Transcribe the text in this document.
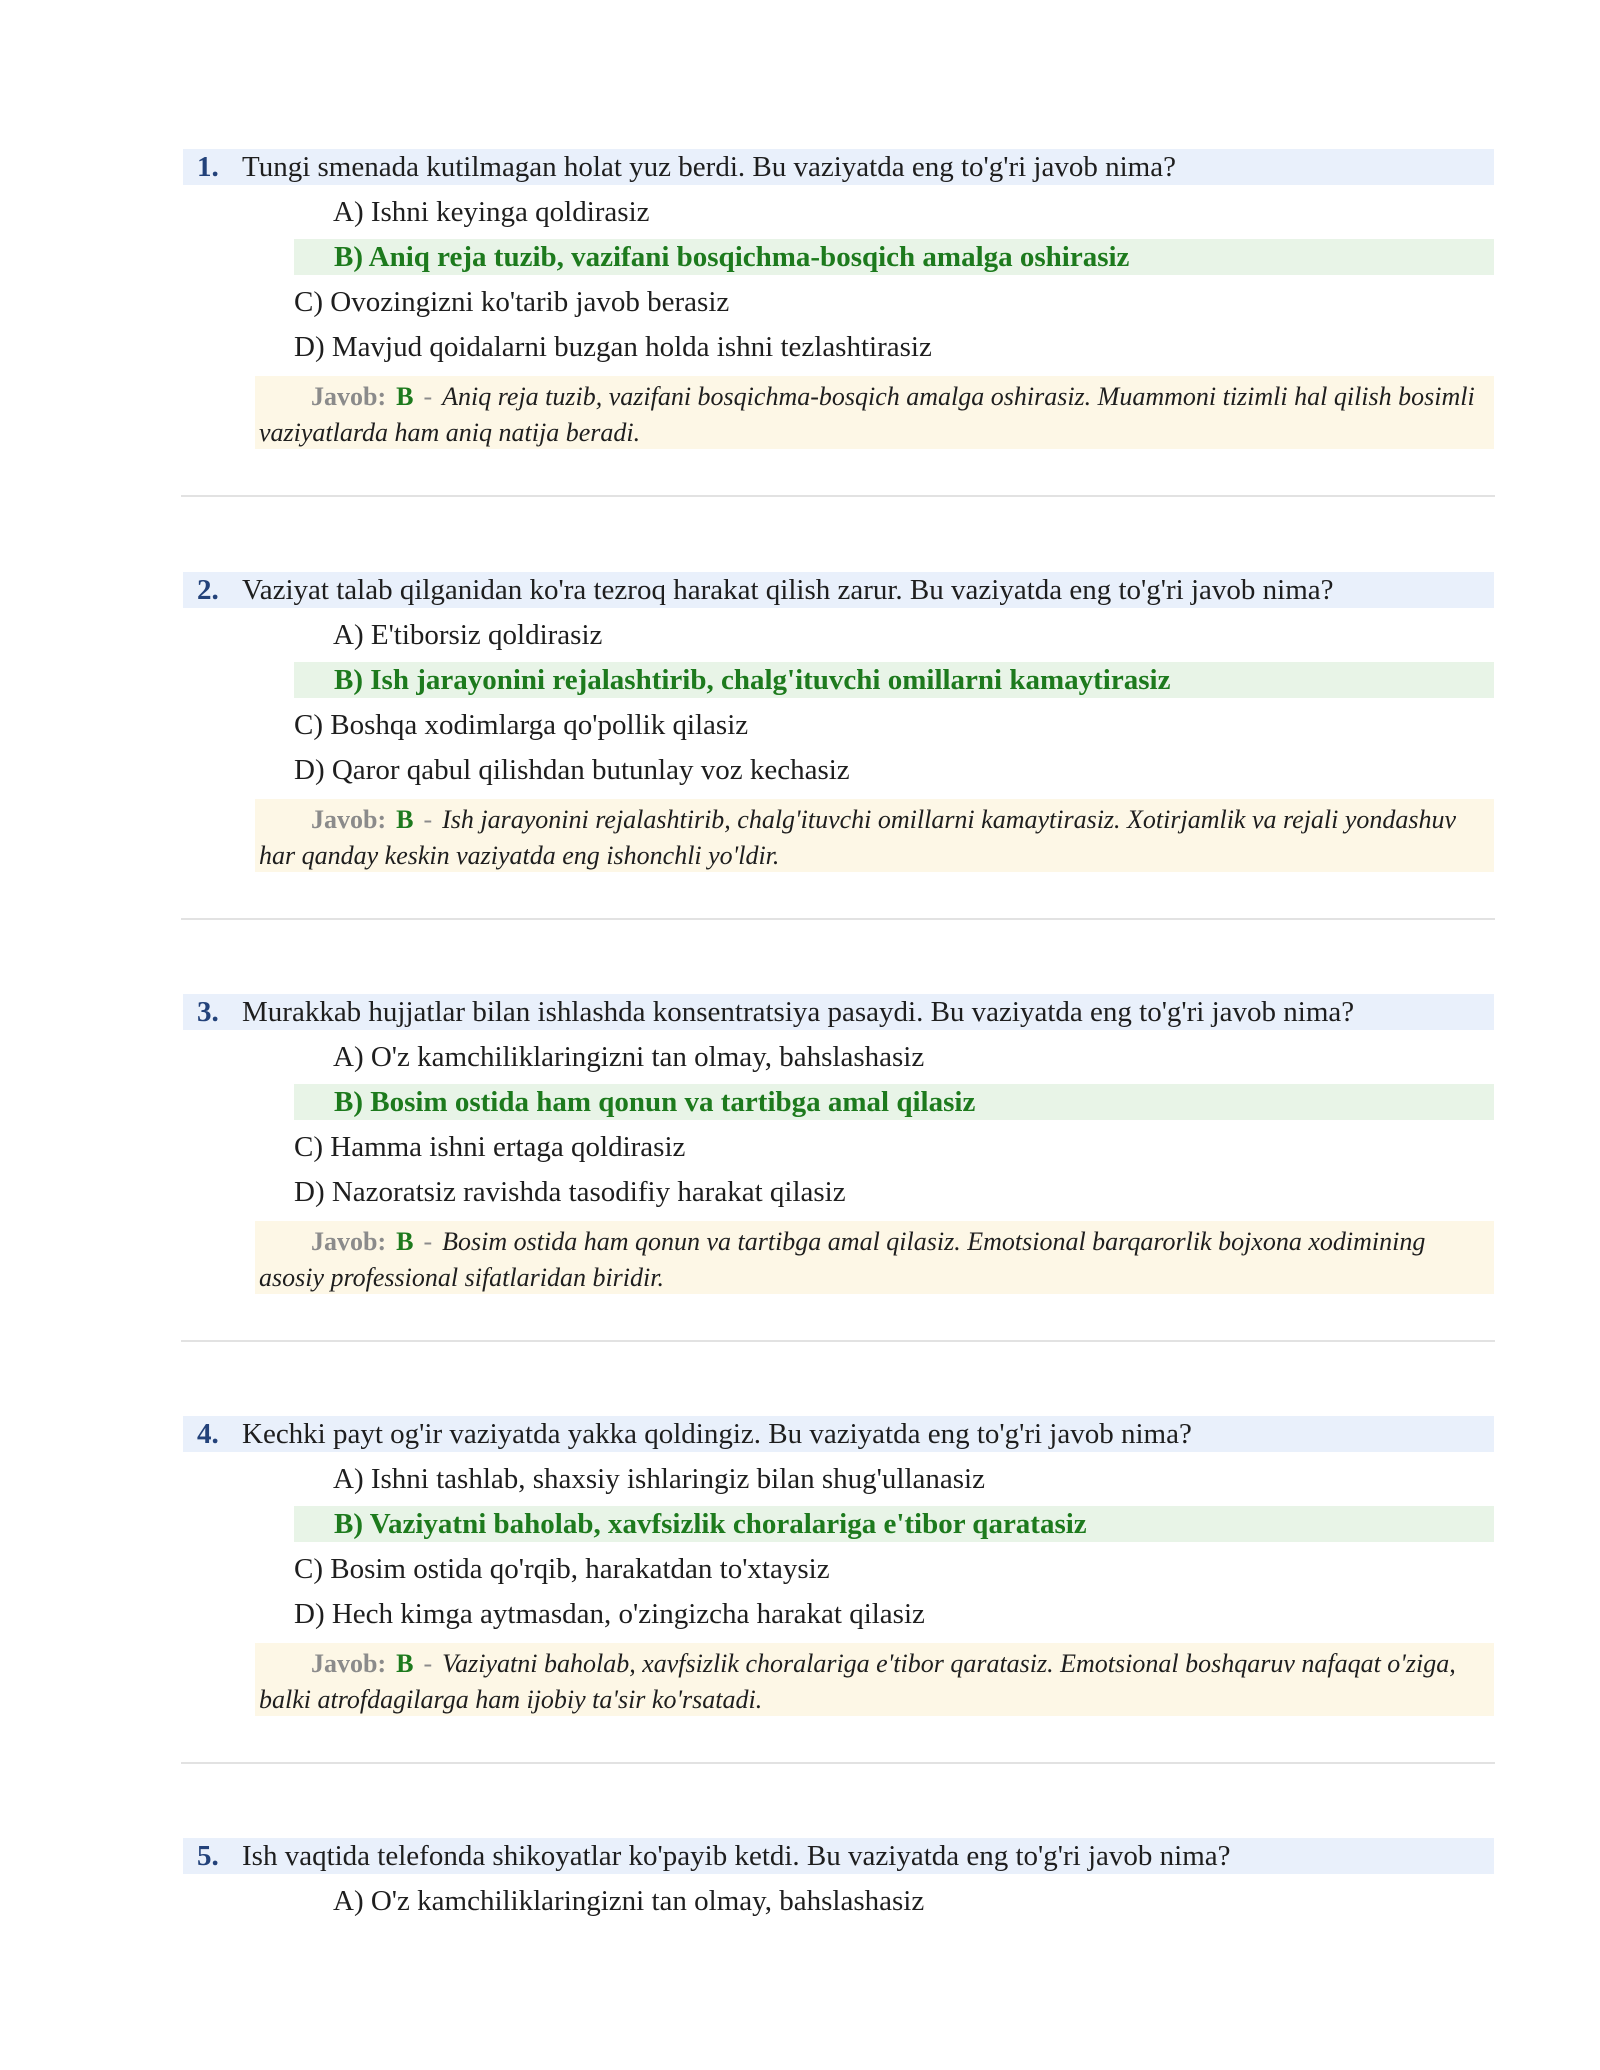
1. Tungi smenada kutilmagan holat yuz berdi. Bu vaziyatda eng to'g'ri javob nima?
A) Ishni keyinga qoldirasiz
B) Aniq reja tuzib, vazifani bosqichma-bosqich amalga oshirasiz
C) Ovozingizni ko'tarib javob berasiz
D) Mavjud qoidalarni buzgan holda ishni tezlashtirasiz
Javob: B - Aniq reja tuzib, vazifani bosqichma-bosqich amalga oshirasiz. Muammoni tizimli hal qilish bosimli vaziyatlarda ham aniq natija beradi.
2. Vaziyat talab qilganidan ko'ra tezroq harakat qilish zarur. Bu vaziyatda eng to'g'ri javob nima?
A) E'tiborsiz qoldirasiz
B) Ish jarayonini rejalashtirib, chalg'ituvchi omillarni kamaytirasiz
C) Boshqa xodimlarga qo'pollik qilasiz
D) Qaror qabul qilishdan butunlay voz kechasiz
Javob: B - Ish jarayonini rejalashtirib, chalg'ituvchi omillarni kamaytirasiz. Xotirjamlik va rejali yondashuv har qanday keskin vaziyatda eng ishonchli yo'ldir.
3. Murakkab hujjatlar bilan ishlashda konsentratsiya pasaydi. Bu vaziyatda eng to'g'ri javob nima?
A) O'z kamchiliklaringizni tan olmay, bahslashasiz
B) Bosim ostida ham qonun va tartibga amal qilasiz
C) Hamma ishni ertaga qoldirasiz
D) Nazoratsiz ravishda tasodifiy harakat qilasiz
Javob: B - Bosim ostida ham qonun va tartibga amal qilasiz. Emotsional barqarorlik bojxona xodimining asosiy professional sifatlaridan biridir.
4. Kechki payt og'ir vaziyatda yakka qoldingiz. Bu vaziyatda eng to'g'ri javob nima?
A) Ishni tashlab, shaxsiy ishlaringiz bilan shug'ullanasiz
B) Vaziyatni baholab, xavfsizlik choralariga e'tibor qaratasiz
C) Bosim ostida qo'rqib, harakatdan to'xtaysiz
D) Hech kimga aytmasdan, o'zingizcha harakat qilasiz
Javob: B - Vaziyatni baholab, xavfsizlik choralariga e'tibor qaratasiz. Emotsional boshqaruv nafaqat o'ziga, balki atrofdagilarga ham ijobiy ta'sir ko'rsatadi.
5. Ish vaqtida telefonda shikoyatlar ko'payib ketdi. Bu vaziyatda eng to'g'ri javob nima?
A) O'z kamchiliklaringizni tan olmay, bahslashasiz
